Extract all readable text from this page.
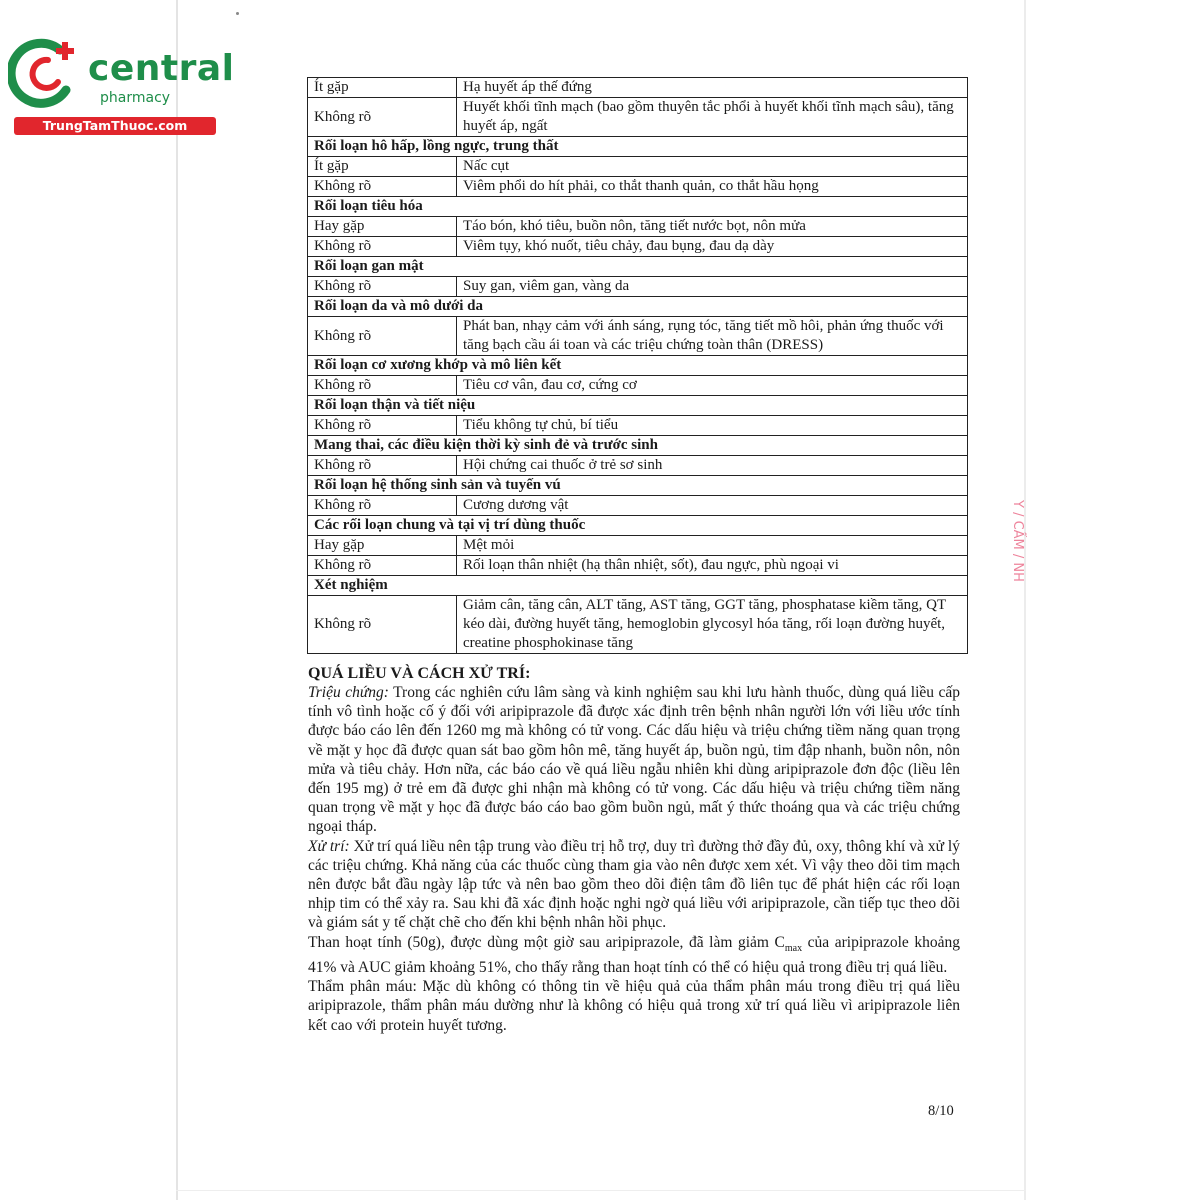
central
pharmacy
TrungTamThuoc.com
Ít gặp	Hạ huyết áp thế đứng
Không rõ	Huyết khối tĩnh mạch (bao gồm thuyên tắc phổi à huyết khối tĩnh mạch sâu), tăng huyết áp, ngất
Rối loạn hô hấp, lồng ngực, trung thất	
Ít gặp	Nấc cụt
Không rõ	Viêm phổi do hít phải, co thắt thanh quản, co thắt hầu họng
Rối loạn tiêu hóa	
Hay gặp	Táo bón, khó tiêu, buồn nôn, tăng tiết nước bọt, nôn mửa
Không rõ	Viêm tụy, khó nuốt, tiêu chảy, đau bụng, đau dạ dày
Rối loạn gan mật	
Không rõ	Suy gan, viêm gan, vàng da
Rối loạn da và mô dưới da	
Không rõ	Phát ban, nhạy cảm với ánh sáng, rụng tóc, tăng tiết mồ hôi, phản ứng thuốc với tăng bạch cầu ái toan và các triệu chứng toàn thân (DRESS)
Rối loạn cơ xương khớp và mô liên kết	
Không rõ	Tiêu cơ vân, đau cơ, cứng cơ
Rối loạn thận và tiết niệu	
Không rõ	Tiểu không tự chủ, bí tiểu
Mang thai, các điều kiện thời kỳ sinh đẻ và trước sinh	
Không rõ	Hội chứng cai thuốc ở trẻ sơ sinh
Rối loạn hệ thống sinh sản và tuyến vú	
Không rõ	Cương dương vật
Các rối loạn chung và tại vị trí dùng thuốc	
Hay gặp	Mệt mỏi
Không rõ	Rối loạn thân nhiệt (hạ thân nhiệt, sốt), đau ngực, phù ngoại vi
Xét nghiệm	
Không rõ	Giảm cân, tăng cân, ALT tăng, AST tăng, GGT tăng, phosphatase kiềm tăng, QT kéo dài, đường huyết tăng, hemoglobin glycosyl hóa tăng, rối loạn đường huyết, creatine phosphokinase tăng
QUÁ LIỀU VÀ CÁCH XỬ TRÍ:

Triệu chứng: Trong các nghiên cứu lâm sàng và kinh nghiệm sau khi lưu hành thuốc, dùng quá liều cấp tính vô tình hoặc cố ý đối với aripiprazole đã được xác định trên bệnh nhân người lớn với liều ước tính được báo cáo lên đến 1260 mg mà không có tử vong. Các dấu hiệu và triệu chứng tiềm năng quan trọng về mặt y học đã được quan sát bao gồm hôn mê, tăng huyết áp, buồn ngủ, tim đập nhanh, buồn nôn, nôn mửa và tiêu chảy. Hơn nữa, các báo cáo về quá liều ngẫu nhiên khi dùng aripiprazole đơn độc (liều lên đến 195 mg) ở trẻ em đã được ghi nhận mà không có tử vong. Các dấu hiệu và triệu chứng tiềm năng quan trọng về mặt y học đã được báo cáo bao gồm buồn ngủ, mất ý thức thoáng qua và các triệu chứng ngoại tháp.

Xử trí: Xử trí quá liều nên tập trung vào điều trị hỗ trợ, duy trì đường thở đầy đủ, oxy, thông khí và xử lý các triệu chứng. Khả năng của các thuốc cùng tham gia vào nên được xem xét. Vì vậy theo dõi tim mạch nên được bắt đầu ngày lập tức và nên bao gồm theo dõi điện tâm đồ liên tục để phát hiện các rối loạn nhịp tim có thể xảy ra. Sau khi đã xác định hoặc nghi ngờ quá liều với aripiprazole, cần tiếp tục theo dõi và giám sát y tế chặt chẽ cho đến khi bệnh nhân hồi phục.

Than hoạt tính (50g), được dùng một giờ sau aripiprazole, đã làm giảm $C_{max}$ của aripiprazole khoảng 41% và AUC giảm khoảng 51%, cho thấy rằng than hoạt tính có thể có hiệu quả trong điều trị quá liều.

Thẩm phân máu: Mặc dù không có thông tin về hiệu quả của thẩm phân máu trong điều trị quá liều aripiprazole, thẩm phân máu dường như là không có hiệu quả trong xử trí quá liều vì aripiprazole liên kết cao với protein huyết tương.

8/10
Y / CẤM / NH
